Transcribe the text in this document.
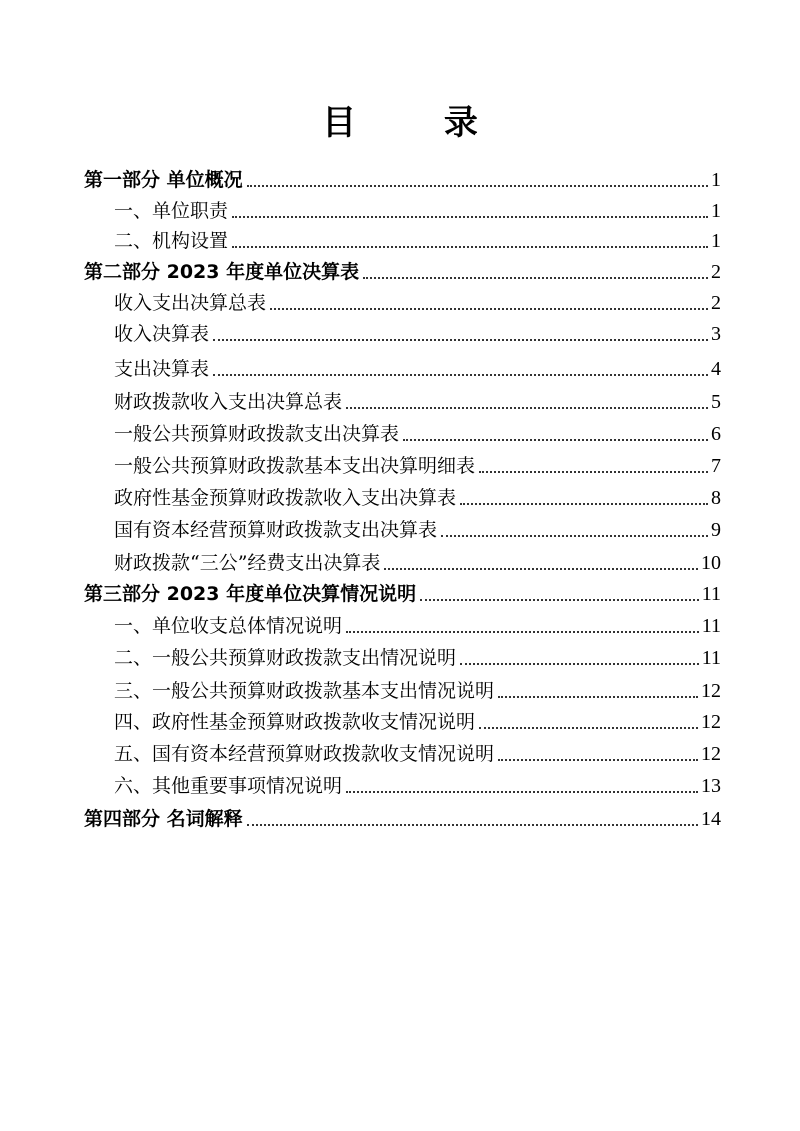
目 录
第一部分 单位概况	1
一、单位职责	1
二、机构设置	1
第二部分 2023 年度单位决算表	2
收入支出决算总表	2
收入决算表	3
支出决算表	4
财政拨款收入支出决算总表	5
一般公共预算财政拨款支出决算表	6
一般公共预算财政拨款基本支出决算明细表	7
政府性基金预算财政拨款收入支出决算表	8
国有资本经营预算财政拨款支出决算表	9
财政拨款“三公”经费支出决算表	10
第三部分 2023 年度单位决算情况说明	11
一、单位收支总体情况说明	11
二、一般公共预算财政拨款支出情况说明	11
三、一般公共预算财政拨款基本支出情况说明	12
四、政府性基金预算财政拨款收支情况说明	12
五、国有资本经营预算财政拨款收支情况说明	12
六、其他重要事项情况说明	13
第四部分 名词解释	14
